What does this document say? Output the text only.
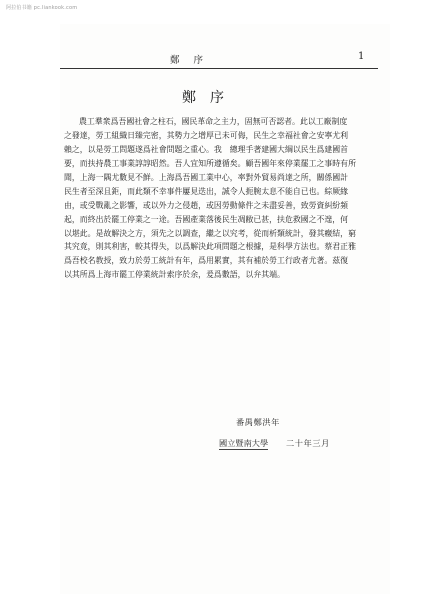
阿拉伯书籍 pc.liankook.com
鄭序	1
鄭序
農工羣衆爲吾國社會之柱石，國民革命之主力，固無可否認者。此以工廠制度
之發達，勞工組織日臻完密，其勢力之增厚已未可侮，民生之幸福社會之安寧尤利
賴之，以是勞工問題遂爲社會問題之重心。我　總理手著建國大綱以民生爲建國首
要，而扶持農工事業諄諄昭然。吾人宜知所遵循矣。顧吾國年來停業罷工之事時有所
聞，上海一隅尤數見不鮮。上海爲吾國工業中心，率對外貿易尚達之所，關係國計
民生者至深且鉅，而此類不幸事件屢見迭出，誠令人扼腕太息不能自已也。綜厥緣
由，或受戰亂之影響，或以外力之侵趙，或因勞動條件之未盡妥善，致勞資糾紛頻
起，而終出於罷工停業之一途。吾國產業落後民生凋敝已甚，扶危救國之不遑，何
以堪此。是故解決之方，須先之以調查，繼之以究考，從而析類統計，發其癥結，窮
其究竟，則其利害，較其得失，以爲解決此項問題之根據，是科學方法也。蔡君正雅
爲吾校名教授，致力於勞工統計有年，爲用累實，其有補於勞工行政者尤著。茲復
以其所爲上海市罷工停業統計索序於余，爰爲數語，以弁其端。
番禺鄭洪年
國立暨南大學 二十年三月
